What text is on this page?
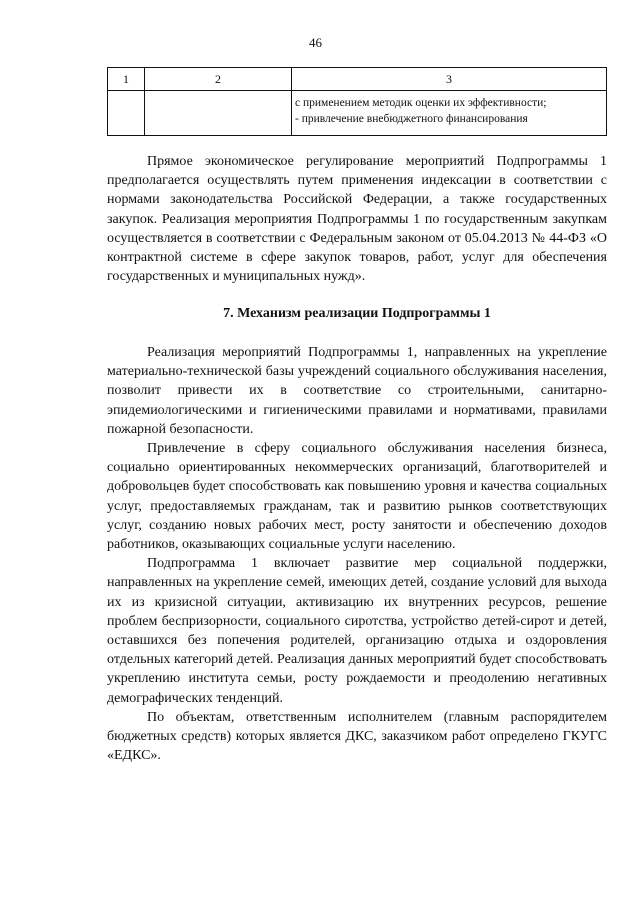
46
1	2	3

		с применением методик оценки их эффективности;
- привлечение внебюджетного финансирования

Прямое экономическое регулирование мероприятий Подпрограммы 1 предполагается осуществлять путем применения индексации в соответствии с нормами законодательства Российской Федерации, а также государственных закупок. Реализация мероприятия Подпрограммы 1 по государственным закупкам осуществляется в соответствии с Федеральным законом от 05.04.2013 № 44-ФЗ «О контрактной системе в сфере закупок товаров, работ, услуг для обеспечения государственных и муниципальных нужд».

7. Механизм реализации Подпрограммы 1

Реализация мероприятий Подпрограммы 1, направленных на укрепление материально-технической базы учреждений социального обслуживания населения, позволит привести их в соответствие со строительными, санитарно-эпидемиологическими и гигиеническими правилами и нормативами, правилами пожарной безопасности.

Привлечение в сферу социального обслуживания населения бизнеса, социально ориентированных некоммерческих организаций, благотворителей и добровольцев будет способствовать как повышению уровня и качества социальных услуг, предоставляемых гражданам, так и развитию рынков соответствующих услуг, созданию новых рабочих мест, росту занятости и обеспечению доходов работников, оказывающих социальные услуги населению.

Подпрограмма 1 включает развитие мер социальной поддержки, направленных на укрепление семей, имеющих детей, создание условий для выхода их из кризисной ситуации, активизацию их внутренних ресурсов, решение проблем беспризорности, социального сиротства, устройство детей-сирот и детей, оставшихся без попечения родителей, организацию отдыха и оздоровления отдельных категорий детей. Реализация данных мероприятий будет способствовать укреплению института семьи, росту рождаемости и преодолению негативных демографических тенденций.

По объектам, ответственным исполнителем (главным распорядителем бюджетных средств) которых является ДКС, заказчиком работ определено ГКУГС «ЕДКС».
